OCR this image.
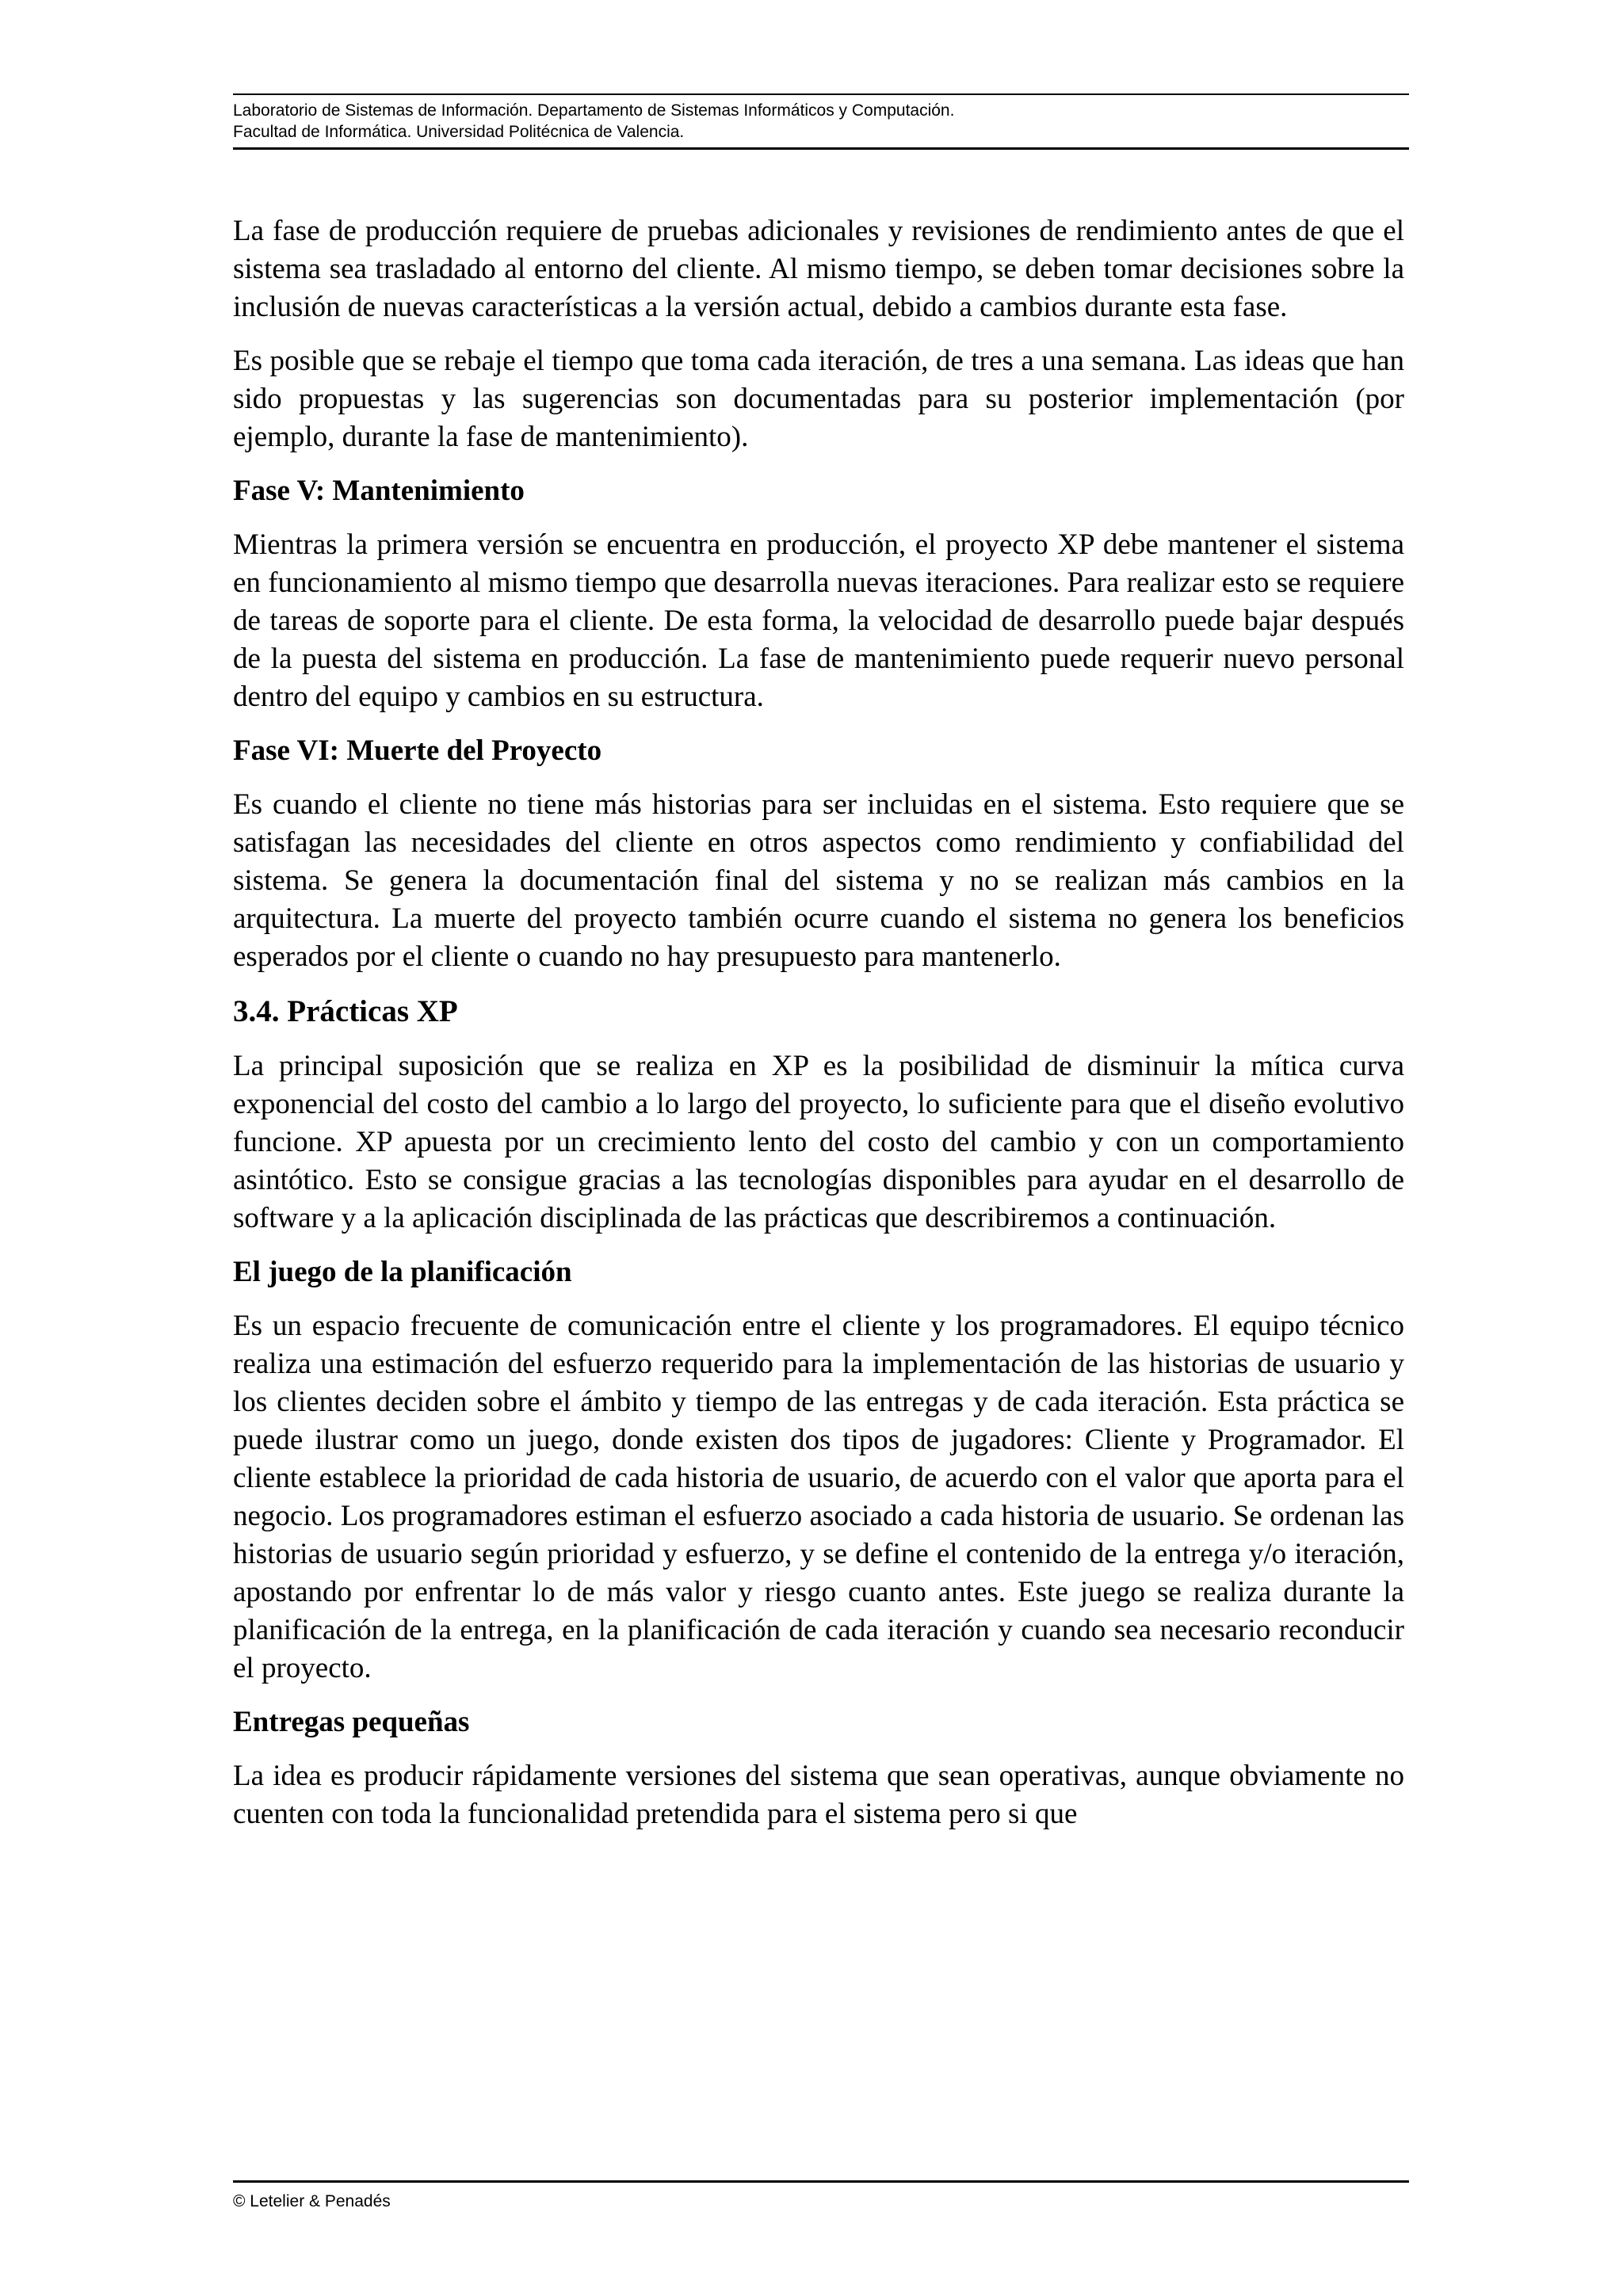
Laboratorio de Sistemas de Información. Departamento de Sistemas Informáticos y Computación.
Facultad de Informática. Universidad Politécnica de Valencia.

La fase de producción requiere de pruebas adicionales y revisiones de rendimiento antes de que el sistema sea trasladado al entorno del cliente. Al mismo tiempo, se deben tomar decisiones sobre la inclusión de nuevas características a la versión actual, debido a cambios durante esta fase.

Es posible que se rebaje el tiempo que toma cada iteración, de tres a una semana. Las ideas que han sido propuestas y las sugerencias son documentadas para su posterior implementación (por ejemplo, durante la fase de mantenimiento).

Fase V: Mantenimiento

Mientras la primera versión se encuentra en producción, el proyecto XP debe mantener el sistema en funcionamiento al mismo tiempo que desarrolla nuevas iteraciones. Para realizar esto se requiere de tareas de soporte para el cliente. De esta forma, la velocidad de desarrollo puede bajar después de la puesta del sistema en producción. La fase de mantenimiento puede requerir nuevo personal dentro del equipo y cambios en su estructura.

Fase VI: Muerte del Proyecto

Es cuando el cliente no tiene más historias para ser incluidas en el sistema. Esto requiere que se satisfagan las necesidades del cliente en otros aspectos como rendimiento y confiabilidad del sistema. Se genera la documentación final del sistema y no se realizan más cambios en la arquitectura. La muerte del proyecto también ocurre cuando el sistema no genera los beneficios esperados por el cliente o cuando no hay presupuesto para mantenerlo.

3.4. Prácticas XP

La principal suposición que se realiza en XP es la posibilidad de disminuir la mítica curva exponencial del costo del cambio a lo largo del proyecto, lo suficiente para que el diseño evolutivo funcione. XP apuesta por un crecimiento lento del costo del cambio y con un comportamiento asintótico. Esto se consigue gracias a las tecnologías disponibles para ayudar en el desarrollo de software y a la aplicación disciplinada de las prácticas que describiremos a continuación.

El juego de la planificación

Es un espacio frecuente de comunicación entre el cliente y los programadores. El equipo técnico realiza una estimación del esfuerzo requerido para la implementación de las historias de usuario y los clientes deciden sobre el ámbito y tiempo de las entregas y de cada iteración. Esta práctica se puede ilustrar como un juego, donde existen dos tipos de jugadores: Cliente y Programador. El cliente establece la prioridad de cada historia de usuario, de acuerdo con el valor que aporta para el negocio. Los programadores estiman el esfuerzo asociado a cada historia de usuario. Se ordenan las historias de usuario según prioridad y esfuerzo, y se define el contenido de la entrega y/o iteración, apostando por enfrentar lo de más valor y riesgo cuanto antes. Este juego se realiza durante la planificación de la entrega, en la planificación de cada iteración y cuando sea necesario reconducir el proyecto.

Entregas pequeñas

La idea es producir rápidamente versiones del sistema que sean operativas, aunque obviamente no cuenten con toda la funcionalidad pretendida para el sistema pero si que

© Letelier & Penadés
